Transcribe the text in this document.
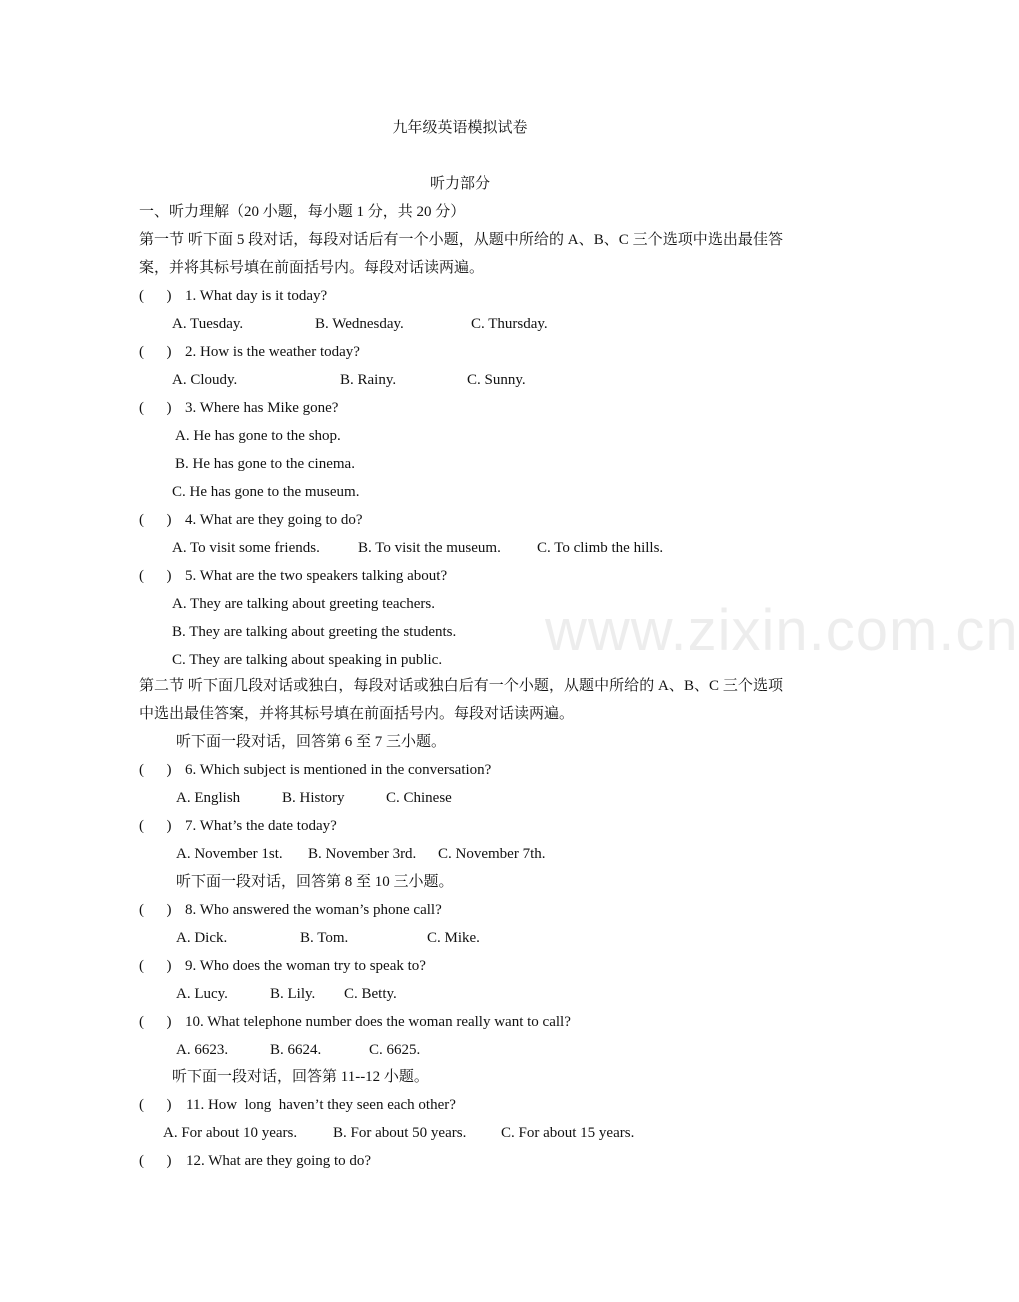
九年级英语模拟试卷
听力部分
一、听力理解（20 小题，每小题 1 分，共 20 分）
第一节 听下面 5 段对话，每段对话后有一个小题，从题中所给的 A、B、C 三个选项中选出最佳答案，并将其标号填在前面括号内。每段对话读两遍。
(      ) 1. What day is it today?
A. Tuesday.	B. Wednesday.	C. Thursday.
(      ) 2. How is the weather today?
A. Cloudy.	B. Rainy.	C. Sunny.
(      ) 3. Where has Mike gone?
A. He has gone to the shop.
B. He has gone to the cinema.
C. He has gone to the museum.
(      ) 4. What are they going to do?
A. To visit some friends.	B. To visit the museum. C. To climb the hills.
(      ) 5. What are the two speakers talking about?
A. They are talking about greeting teachers.
B. They are talking about greeting the students.
C. They are talking about speaking in public.
第二节 听下面几段对话或独白，每段对话或独白后有一个小题，从题中所给的 A、B、C 三个选项中选出最佳答案，并将其标号填在前面括号内。每段对话读两遍。
听下面一段对话，回答第 6 至 7 三小题。
(      ) 6. Which subject is mentioned in the conversation?
A. English	B. History	C. Chinese
(      ) 7. What’s the date today?
A. November 1st. B. November 3rd. C. November 7th.
听下面一段对话，回答第 8 至 10 三小题。
(      ) 8. Who answered the woman’s phone call?
A. Dick.	B. Tom.	C. Mike.
(      ) 9. Who does the woman try to speak to?
A. Lucy.	B. Lily. C. Betty.
(      ) 10. What telephone number does the woman really want to call?
A. 6623.	B. 6624.	C. 6625.
听下面一段对话，回答第 11--12 小题。
(      ) 11. How  long  haven’t they seen each other?
A. For about 10 years. B. For about 50 years. C. For about 15 years.
(      ) 12. What are they going to do?
www.zixin.com.cn
